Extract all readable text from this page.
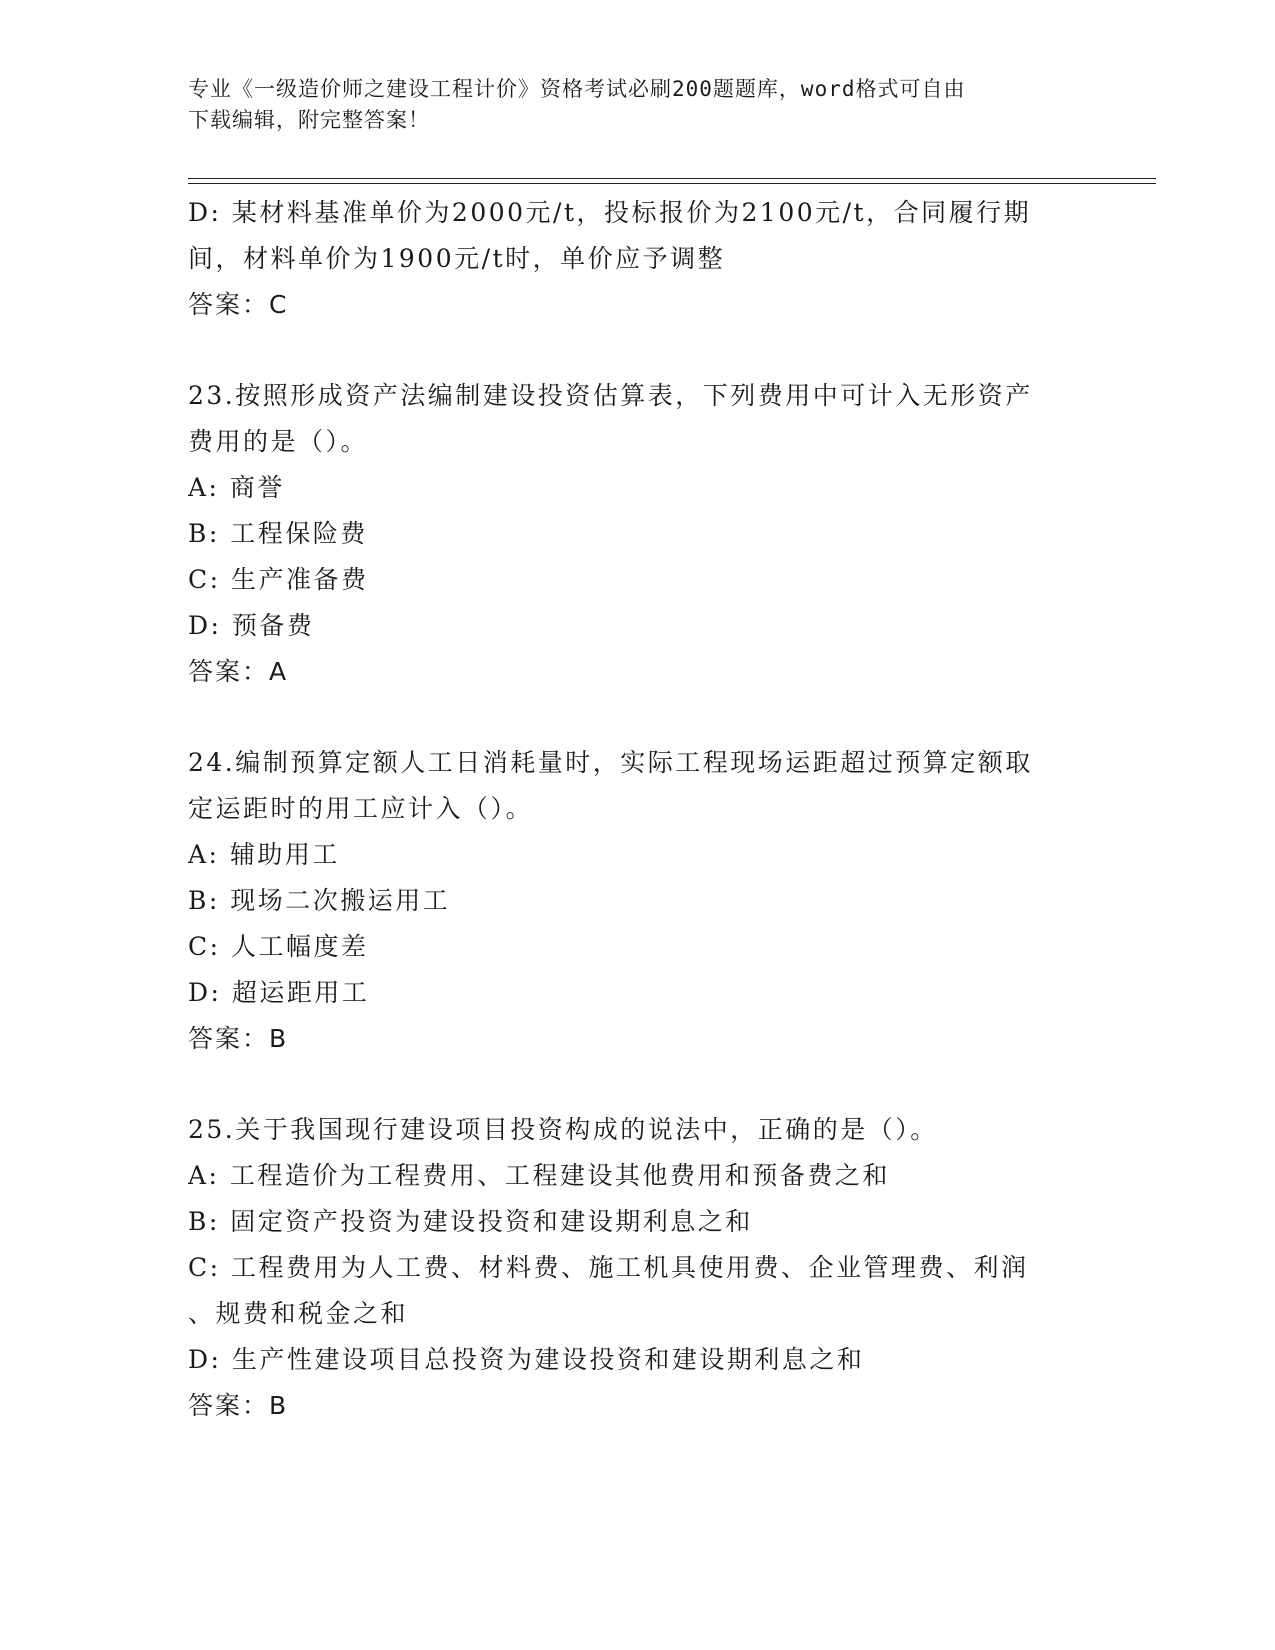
专业《一级造价师之建设工程计价》资格考试必刷200题题库，word格式可自由
下载编辑，附完整答案！
D: 某材料基准单价为2000元/t，投标报价为2100元/t，合同履行期
间，材料单价为1900元/t时，单价应予调整
答案：C
23.按照形成资产法编制建设投资估算表，下列费用中可计入无形资产
费用的是（）。
A: 商誉
B: 工程保险费
C: 生产准备费
D: 预备费
答案：A
24.编制预算定额人工日消耗量时，实际工程现场运距超过预算定额取
定运距时的用工应计入（）。
A: 辅助用工
B: 现场二次搬运用工
C: 人工幅度差
D: 超运距用工
答案：B
25.关于我国现行建设项目投资构成的说法中，正确的是（）。
A: 工程造价为工程费用、工程建设其他费用和预备费之和
B: 固定资产投资为建设投资和建设期利息之和
C: 工程费用为人工费、材料费、施工机具使用费、企业管理费、利润
、规费和税金之和
D: 生产性建设项目总投资为建设投资和建设期利息之和
答案：B
